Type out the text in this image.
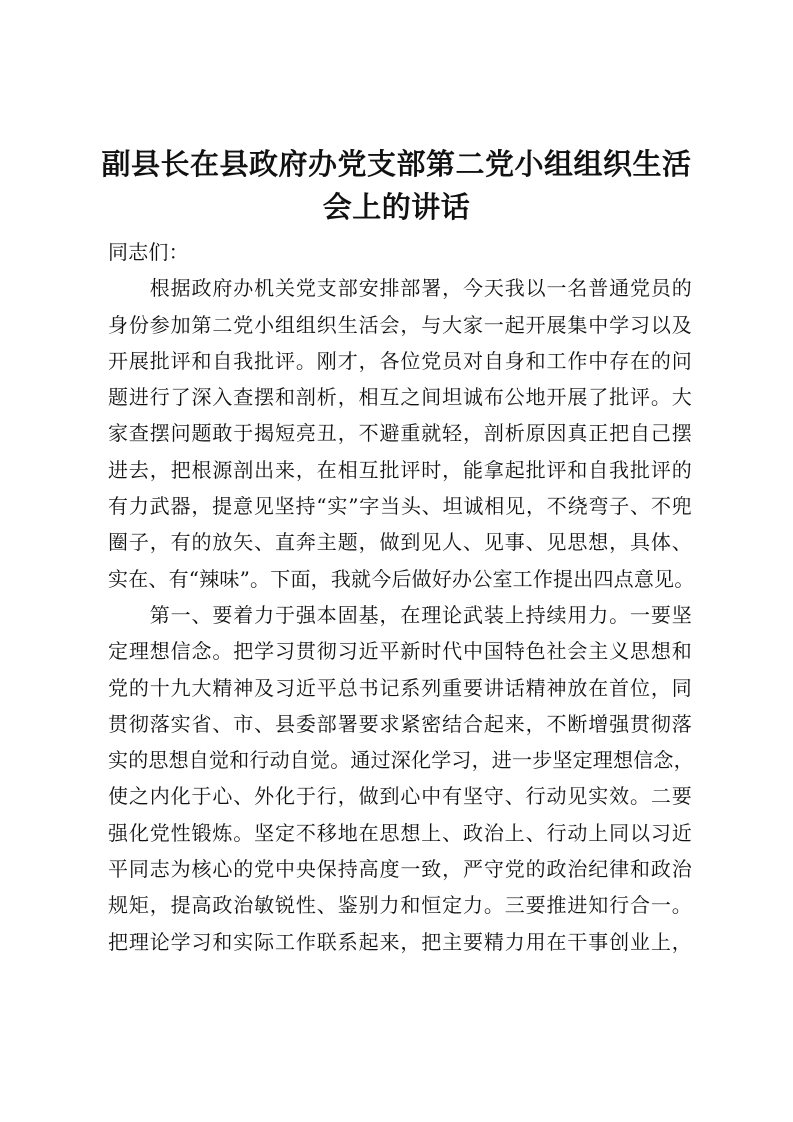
副县长在县政府办党支部第二党小组组织生活
会上的讲话
同志们：
　　根据政府办机关党支部安排部署，今天我以一名普通党员的
身份参加第二党小组组织生活会，与大家一起开展集中学习以及
开展批评和自我批评。刚才，各位党员对自身和工作中存在的问
题进行了深入查摆和剖析，相互之间坦诚布公地开展了批评。大
家查摆问题敢于揭短亮丑，不避重就轻，剖析原因真正把自己摆
进去，把根源剖出来，在相互批评时，能拿起批评和自我批评的
有力武器，提意见坚持“实”字当头、坦诚相见，不绕弯子、不兜
圈子，有的放矢、直奔主题，做到见人、见事、见思想，具体、
实在、有“辣味”。下面，我就今后做好办公室工作提出四点意见。
　　第一、要着力于强本固基，在理论武装上持续用力。一要坚
定理想信念。把学习贯彻习近平新时代中国特色社会主义思想和
党的十九大精神及习近平总书记系列重要讲话精神放在首位，同
贯彻落实省、市、县委部署要求紧密结合起来，不断增强贯彻落
实的思想自觉和行动自觉。通过深化学习，进一步坚定理想信念，
使之内化于心、外化于行，做到心中有坚守、行动见实效。二要
强化党性锻炼。坚定不移地在思想上、政治上、行动上同以习近
平同志为核心的党中央保持高度一致，严守党的政治纪律和政治
规矩，提高政治敏锐性、鉴别力和恒定力。三要推进知行合一。
把理论学习和实际工作联系起来，把主要精力用在干事创业上，
